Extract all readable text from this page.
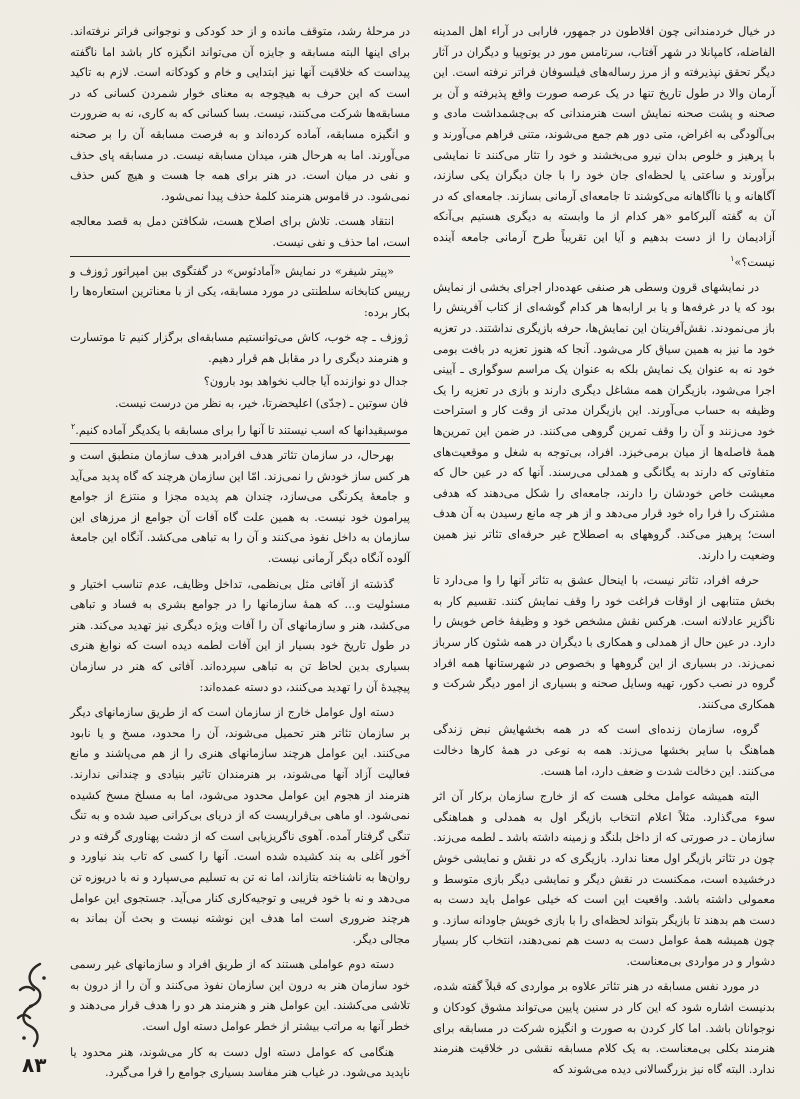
در خیال خردمندانی چون افلاطون در جمهور، فارابی در آراء اهل المدینه الفاضله، کامپانلا در شهر آفتاب، سر‌تامس مور در یوتوپیا و دیگران در آثار دیگر تحقق نپذیرفته و از مرز رساله‌های فیلسوفان فراتر نرفته است. این آرمان والا در طول تاریخ تنها در یک عرصه صورت واقع پذیرفته و آن بر صحنه و پشت صحنه نمایش است هنرمندانی که بی‌چشمداشت مادی و بی‌آلودگی به اغراض، متی دور هم جمع می‌شوند، متنی فراهم می‌آورند و با پرهیز و خلوص بدان نیرو می‌بخشند و خود را تثار می‌کنند تا نمایشی برآورند و ساعتی یا لحظه‌ای جان خود را با جان دیگران یکی سازند، آگاهانه و یا ناآگاهانه می‌کوشند تا جامعه‌ای آرمانی بسازند. جامعه‌ای که در آن به گفته آلبرکامو «هر کدام از ما وابسته به دیگری هستیم بی‌آنکه آزادیمان را از دست بدهیم و آیا این تقریباً طرح آرمانی جامعه آینده نیست؟»$^۱$

در نمایشهای قرون وسطی هر صنفی عهده‌دار اجرای بخشی از نمایش بود که یا در غرفه‌ها و یا بر ارابه‌ها هر کدام گوشه‌ای از کتاب آفرینش را باز می‌نمودند. نقش‌آفرینان این نمایش‌ها، حرفه بازیگری نداشتند. در تعزیه خود ما نیز به همین سیاق کار می‌شود. آنجا که هنوز تعزیه در بافت بومی خود نه به عنوان یک نمایش بلکه به عنوان یک مراسم سوگواری ـ آیینی اجرا می‌شود، بازیگران همه مشاغل دیگری دارند و بازی در تعزیه را یک وظیفه به حساب می‌آورند. این بازیگران مدتی از وقت کار و استراحت خود می‌زنند و آن را وقف تمرین گروهی می‌کنند. در ضمن این تمرین‌ها همهٔ فاصله‌ها از میان برمی‌خیزد. افراد، بی‌توجه به شغل و موقعیت‌های متفاوتی که دارند به یگانگی و همدلی می‌رسند. آنها که در عین حال که معیشت خاص خودشان را دارند، جامعه‌ای را شکل می‌دهند که هدفی مشترک را فرا راه خود قرار می‌دهد و از هر چه مانع رسیدن به آن هدف است؛ پرهیز می‌کند. گروههای به اصطلاح غیر حرفه‌ای تئاتر نیز همین وضعیت را دارند.

حرفه افراد، تئاتر نیست، با اینحال عشق به تئاتر آنها را وا می‌دارد تا بخش متنابهی از اوقات فراغت خود را وقف نمایش کنند. تقسیم کار به ناگزیر عادلانه است. هرکس نقش مشخص خود و وظیفهٔ خاص خویش را دارد. در عین حال از همدلی و همکاری با دیگران در همه شئون کار سرباز نمی‌زند. در بسیاری از این گروهها و بخصوص در شهرستانها همه افراد گروه در نصب دکور، تهیه وسایل صحنه و بسیاری از امور دیگر شرکت و همکاری می‌کنند.

گروه، سازمان زنده‌ای است که در همه بخشهایش نبض زندگی هماهنگ با سایر بخشها می‌زند. همه به نوعی در همهٔ کارها دخالت می‌کنند. این دخالت شدت و ضعف دارد، اما هست.

البته همیشه عوامل مخلی هست که از خارج سازمان برکار آن اثر سوء می‌گذارد. مثلاً اعلام انتخاب بازیگر اول به همدلی و هماهنگی سازمان ـ در صورتی که از داخل بلنگد و زمینه داشته باشد ـ لطمه می‌زند. چون در تئاتر بازیگر اول معنا ندارد. بازیگری که در نقش و نمایشی خوش درخشیده است، ممکنست در نقش دیگر و نمایشی دیگر بازی متوسط و معمولی داشته باشد. واقعیت این است که خیلی عوامل باید دست به دست هم بدهند تا بازیگر بتواند لحظه‌ای را با بازی خویش جاودانه سازد. و چون همیشه همهٔ عوامل دست به دست هم نمی‌دهند، انتخاب کار بسیار دشوار و در مواردی بی‌معناست.

در مورد نفس مسابقه در هنر تئاتر علاوه بر مواردی که قبلاً گفته شده، بدنیست اشاره شود که این کار در سنین پایین می‌تواند مشوق کودکان و نوجوانان باشد. اما کار کردن به صورت و انگیزه شرکت در مسابقه برای هنرمند بکلی بی‌معناست. به یک کلام مسابقه نقشی در خلاقیت هنرمند ندارد. البته گاه نیز بزرگسالانی دیده می‌شوند که

در مرحلهٔ رشد، متوقف مانده و از حد کودکی و نوجوانی فراتر نرفته‌اند. برای اینها البته مسابقه و جایزه آن می‌تواند انگیزه کار باشد اما ناگفته پیداست که خلاقیت آنها نیز ابتدایی و خام و کودکانه است. لازم به تاکید است که این حرف به هیچوجه به معنای خوار شمردن کسانی که در مسابقه‌ها شرکت می‌کنند، نیست. بسا کسانی که به کاری، نه به ضرورت و انگیزه مسابقه، آماده کرده‌اند و به فرصت مسابقه آن را بر صحنه می‌آورند. اما به هرحال هنر، میدان مسابقه نیست. در مسابقه پای حذف و نفی در میان است. در هنر برای همه جا هست و هیچ کس حذف نمی‌شود. در قاموس هنرمند کلمهٔ حذف پیدا نمی‌شود.

انتقاد هست. تلاش برای اصلاح هست، شکافتن دمل به قصد معالجه است، اما حذف و نفی نیست.

«پیتر شیفر» در نمایش «آمادئوس» در گفتگوی بین امپراتور ژوزف و رییس کتابخانه سلطنتی در مورد مسابقه، یکی از با معناترین استعاره‌ها را بکار برده:

ژوزف ـ چه خوب، کاش می‌توانستیم مسابقه‌ای برگزار کنیم تا موتسارت و هنرمند دیگری را در مقابل هم قرار دهیم.

جدال دو نوازنده آیا جالب نخواهد بود بارون؟

فان سوتین ـ (جدّی) اعلیحضرتا، خیر، به نظر من درست نیست.

موسیقیدانها که اسب نیستند تا آنها را برای مسابقه با یکدیگر آماده کنیم.$^۲$

بهرحال، در سازمان تئاتر هدف افرادبر هدف سازمان منطبق است و هر کس ساز خودش را نمی‌زند. امّا این سازمان هرچند که گاه پدید می‌آید و جامعهٔ یکرنگی می‌سازد، چندان هم پدیده مجزا و منتزع از جوامع پیرامون خود نیست. به همین علت گاه آفات آن جوامع از مرزهای این سازمان به داخل نفوذ می‌کنند و آن را به تباهی می‌کشد. آنگاه این جامعهٔ آلوده آنگاه دیگر آرمانی نیست.

گذشته از آفاتی مثل بی‌نظمی، تداخل وظایف، عدم تناسب اختیار و مسئولیت و... که همهٔ سازمانها را در جوامع بشری به فساد و تباهی می‌کشد، هنر و سازمانهای آن را آفات ویژه دیگری نیز تهدید می‌کند. هنر در طول تاریخ خود بسیار از این آفات لطمه دیده است که نوابغ هنری بسیاری بدین لحاظ تن به تباهی سپرده‌اند. آفاتی که هنر در سازمان پیچیدهٔ آن را تهدید می‌کنند، دو دسته عمده‌اند:

دسته اول عوامل خارج از سازمان است که از طریق سازمانهای دیگر بر سازمان تئاتر هنر تحمیل می‌شوند، آن را محدود، مسخ و یا نابود می‌کنند. این عوامل هرچند سازمانهای هنری را از هم می‌پاشند و مانع فعالیت آزاد آنها می‌شوند، بر هنرمندان تاثیر بنیادی و چندانی ندارند. هنرمند از هجوم این عوامل محدود می‌شود، اما به مسلخ مسخ کشیده نمی‌شود. او ماهی بی‌قراریست که از دریای بی‌کرانی صید شده و به تنگ تنگی گرفتار آمده. آهوی ناگریزیابی است که از دشت پهناوری گرفته و در آخور آغلی به بند کشیده شده است. آنها را کسی که تاب بند نیاورد و روان‌ها به ناشناخته بتازاند، اما نه تن به تسلیم می‌سپارد و نه با دریوزه تن می‌دهد و نه با خود فریبی و توجیه‌کاری کنار می‌آید. جستجوی این عوامل هرچند ضروری است اما هدف این نوشته نیست و بحث آن بماند به مجالی دیگر.

دسته دوم عواملی هستند که از طریق افراد و سازمانهای غیر رسمی خود سازمان هنر به درون این سازمان نفوذ می‌کنند و آن را از درون به تلاشی می‌کشند. این عوامل هنر و هنرمند هر دو را هدف قرار می‌دهند و خطر آنها به مراتب بیشتر از خطر عوامل دسته اول است.

هنگامی که عوامل دسته اول دست به کار می‌شوند، هنر محدود یا ناپدید می‌شود. در غیاب هنر مفاسد بسیاری جوامع را فرا می‌گیرد.

۸۳
